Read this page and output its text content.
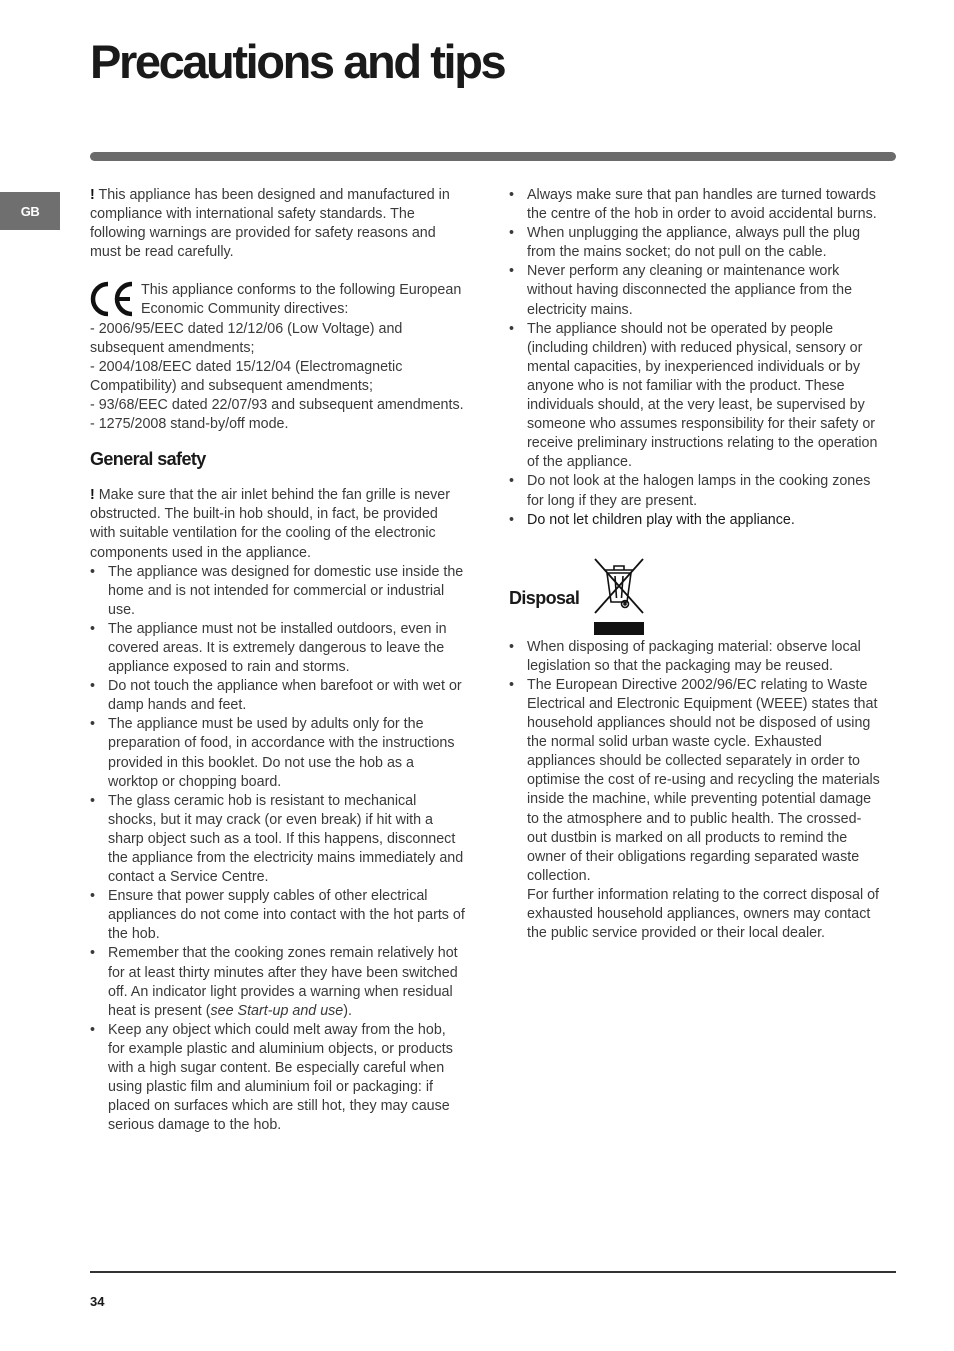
Precautions and tips
GB

! This appliance has been designed and manufactured in compliance with international safety standards. The following warnings are provided for safety reasons and must be read carefully.

This appliance conforms to the following European Economic Community directives:

- 2006/95/EEC dated 12/12/06 (Low Voltage) and subsequent amendments;

- 2004/108/EEC dated 15/12/04 (Electromagnetic Compatibility) and subsequent amendments;

- 93/68/EEC dated 22/07/93 and subsequent amendments.

- 1275/2008 stand-by/off mode.

General safety

! Make sure that the air inlet behind the fan grille is never obstructed. The built-in hob should, in fact, be provided with suitable ventilation for the cooling of the electronic components used in the appliance.

• The appliance was designed for domestic use inside the home and is not intended for commercial or industrial use.
• The appliance must not be installed outdoors, even in covered areas. It is extremely dangerous to leave the appliance exposed to rain and storms.
• Do not touch the appliance when barefoot or with wet or damp hands and feet.
• The appliance must be used by adults only for the preparation of food, in accordance with the instructions provided in this booklet. Do not use the hob as a worktop or chopping board.
• The glass ceramic hob is resistant to mechanical shocks, but it may crack (or even break) if hit with a sharp object such as a tool. If this happens, disconnect the appliance from the electricity mains immediately and contact a Service Centre.
• Ensure that power supply cables of other electrical appliances do not come into contact with the hot parts of the hob.
• Remember that the cooking zones remain relatively hot for at least thirty minutes after they have been switched off. An indicator light provides a warning when residual heat is present (see Start-up and use).
• Keep any object which could melt away from the hob, for example plastic and aluminium objects, or products with a high sugar content. Be especially careful when using plastic film and aluminium foil or packaging: if placed on surfaces which are still hot, they may cause serious damage to the hob.
• Always make sure that pan handles are turned towards the centre of the hob in order to avoid accidental burns.
• When unplugging the appliance, always pull the plug from the mains socket; do not pull on the cable.
• Never perform any cleaning or maintenance work without having disconnected the appliance from the electricity mains.
• The appliance should not be operated by people (including children) with reduced physical, sensory or mental capacities, by inexperienced individuals or by anyone who is not familiar with the product. These individuals should, at the very least, be supervised by someone who assumes responsibility for their safety or receive preliminary instructions relating to the operation of the appliance.
• Do not look at the halogen lamps in the cooking zones for long if they are present.
• Do not let children play with the appliance.
Disposal
• When disposing of packaging material: observe local legislation so that the packaging may be reused.
• The European Directive 2002/96/EC relating to Waste Electrical and Electronic Equipment (WEEE) states that household appliances should not be disposed of using the normal solid urban waste cycle. Exhausted appliances should be collected separately in order to optimise the cost of re-using and recycling the materials inside the machine, while preventing potential damage to the atmosphere and to public health. The crossed-out dustbin is marked on all products to remind the owner of their obligations regarding separated waste collection.

For further information relating to the correct disposal of exhausted household appliances, owners may contact the public service provided or their local dealer.

34
